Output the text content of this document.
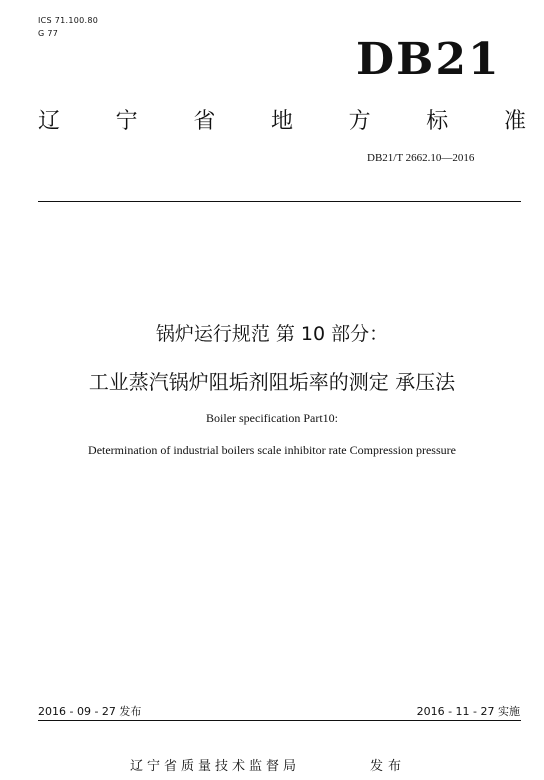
ICS 71.100.80
G 77
DB21
辽	宁	省	地	方	标	准
DB21/T 2662.10—2016
锅炉运行规范 第 10 部分：
工业蒸汽锅炉阻垢剂阻垢率的测定 承压法
Boiler specification Part10:
Determination of industrial boilers scale inhibitor rate Compression pressure
2016 - 09 - 27 发布	2016 - 11 - 27 实施
辽宁省质量技术监督局	发布
